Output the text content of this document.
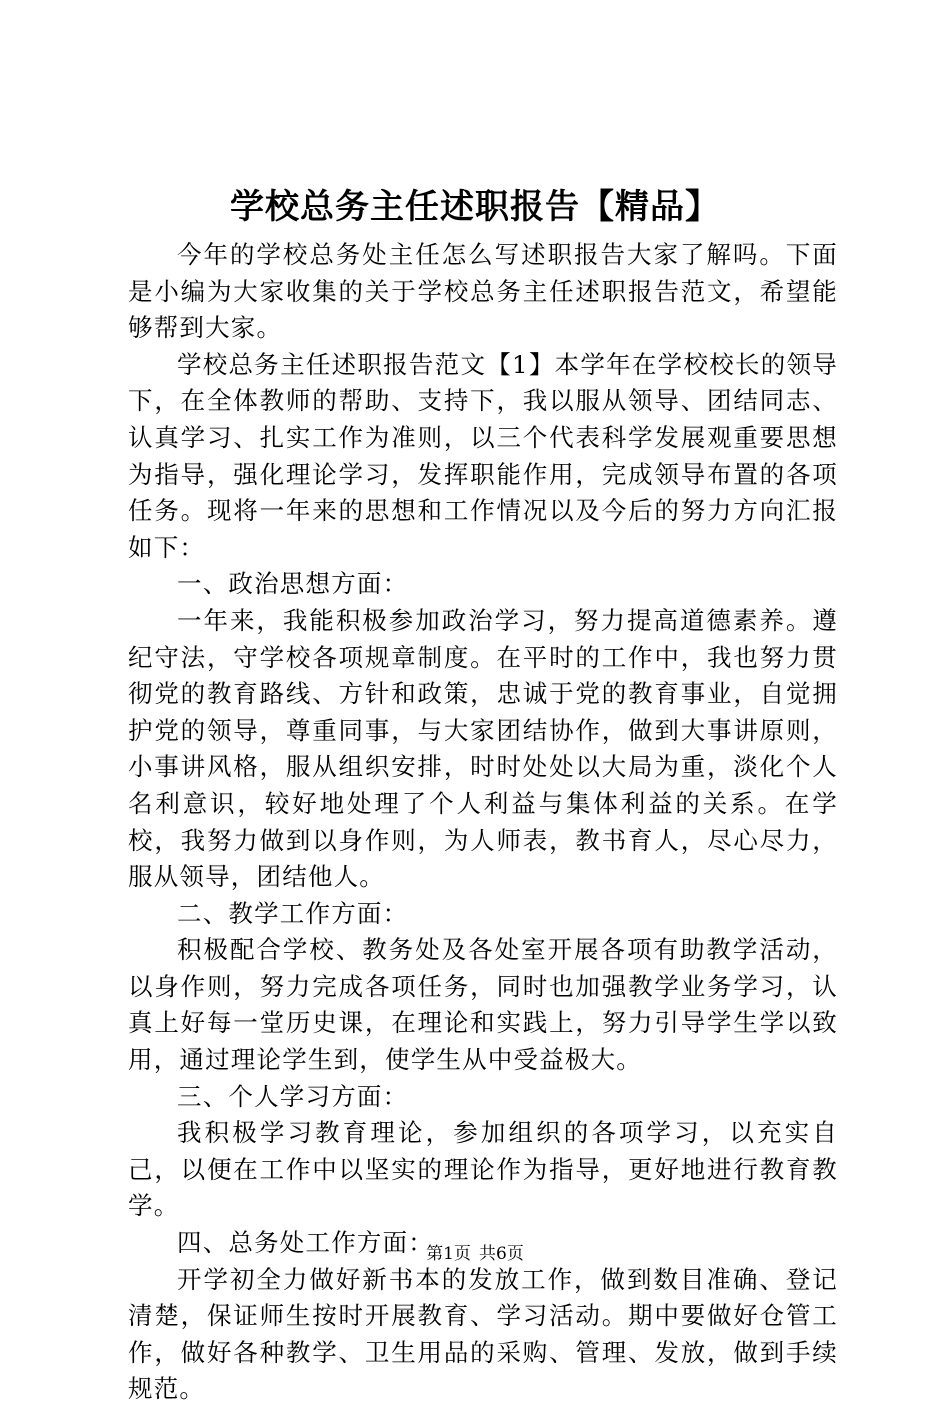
学校总务主任述职报告【精品】

今年的学校总务处主任怎么写述职报告大家了解吗。下面是小编为大家收集的关于学校总务主任述职报告范文，希望能够帮到大家。

学校总务主任述职报告范文【1】本学年在学校校长的领导下，在全体教师的帮助、支持下，我以服从领导、团结同志、认真学习、扎实工作为准则，以三个代表科学发展观重要思想为指导，强化理论学习，发挥职能作用，完成领导布置的各项任务。现将一年来的思想和工作情况以及今后的努力方向汇报如下：

一、政治思想方面：

一年来，我能积极参加政治学习，努力提高道德素养。遵纪守法，守学校各项规章制度。在平时的工作中，我也努力贯彻党的教育路线、方针和政策，忠诚于党的教育事业，自觉拥护党的领导，尊重同事，与大家团结协作，做到大事讲原则，小事讲风格，服从组织安排，时时处处以大局为重，淡化个人名利意识，较好地处理了个人利益与集体利益的关系。在学校，我努力做到以身作则，为人师表，教书育人，尽心尽力，服从领导，团结他人。

二、教学工作方面：

积极配合学校、教务处及各处室开展各项有助教学活动，以身作则，努力完成各项任务，同时也加强教学业务学习，认真上好每一堂历史课，在理论和实践上，努力引导学生学以致用，通过理论学生到，使学生从中受益极大。

三、个人学习方面：

我积极学习教育理论，参加组织的各项学习，以充实自己，以便在工作中以坚实的理论作为指导，更好地进行教育教学。

四、总务处工作方面：

开学初全力做好新书本的发放工作，做到数目准确、登记清楚，保证师生按时开展教育、学习活动。期中要做好仓管工作，做好各种教学、卫生用品的采购、管理、发放，做到手续规范。

第1页 共6页
